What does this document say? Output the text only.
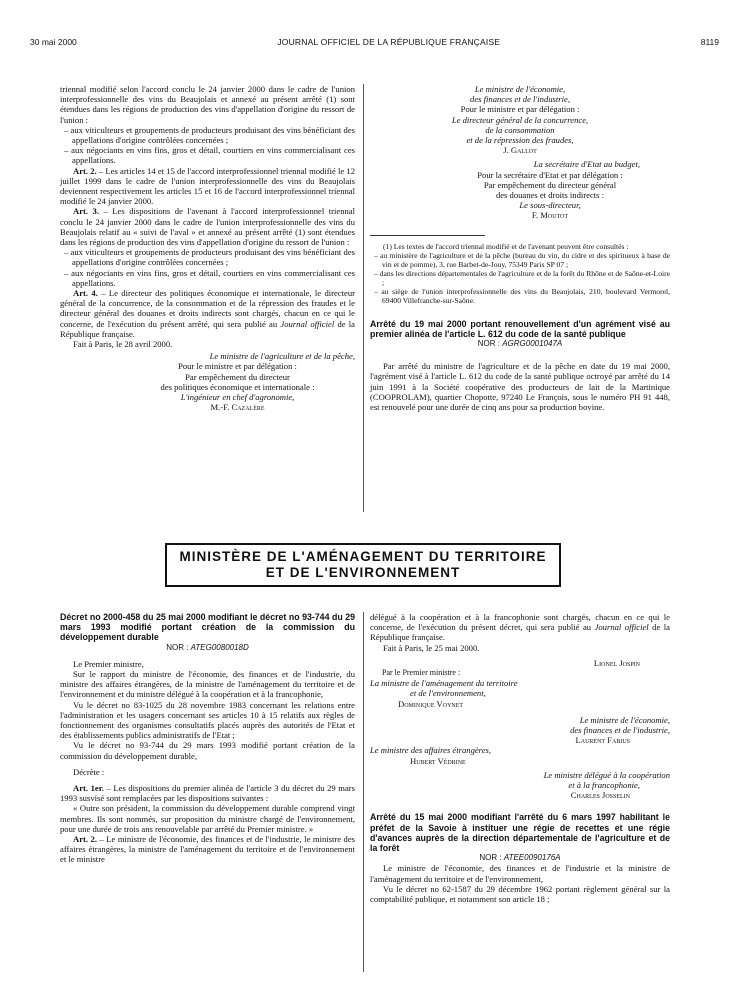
30 mai 2000	JOURNAL OFFICIEL DE LA RÉPUBLIQUE FRANÇAISE	8119

triennal modifié selon l'accord conclu le 24 janvier 2000 dans le cadre de l'union interprofessionnelle des vins du Beaujolais et annexé au présent arrêté (1) sont étendues dans les régions de production des vins d'appellation d'origine du ressort de l'union :

– aux viticulteurs et groupements de producteurs produisant des vins bénéficiant des appellations d'origine contrôlées concernées ;

– aux négociants en vins fins, gros et détail, courtiers en vins commercialisant ces appellations.

Art. 2. – Les articles 14 et 15 de l'accord interprofessionnel triennal modifié le 12 juillet 1999 dans le cadre de l'union interprofessionnelle des vins du Beaujolais deviennent respectivement les articles 15 et 16 de l'accord interprofessionnel triennal modifié le 24 janvier 2000.

Art. 3. – Les dispositions de l'avenant à l'accord interprofessionnel triennal conclu le 24 janvier 2000 dans le cadre de l'union interprofessionnelle des vins du Beaujolais relatif au « suivi de l'aval » et annexé au présent arrêté (1) sont étendues dans les régions de production des vins d'appellation d'origine du ressort de l'union :

– aux viticulteurs et groupements de producteurs produisant des vins bénéficiant des appellations d'origine contrôlées concernées ;

– aux négociants en vins fins, gros et détail, courtiers en vins commercialisant ces appellations.

Art. 4. – Le directeur des politiques économique et internationale, le directeur général de la concurrence, de la consommation et de la répression des fraudes et le directeur général des douanes et droits indirects sont chargés, chacun en ce qui le concerne, de l'exécution du présent arrêté, qui sera publié au Journal officiel de la République française.

Fait à Paris, le 28 avril 2000.

Le ministre de l'agriculture et de la pêche,

Pour le ministre et par délégation :

Par empêchement du directeur

des politiques économique et internationale :

L'ingénieur en chef d'agronomie,

M.-F. Cazalère

Le ministre de l'économie,

des finances et de l'industrie,

Pour le ministre et par délégation :

Le directeur général de la concurrence,

de la consommation

et de la répression des fraudes,

J. Gallot

La secrétaire d'Etat au budget,

Pour la secrétaire d'Etat et par délégation :

Par empêchement du directeur général

des douanes et droits indirects :

Le sous-directeur,

F. Moutot

(1) Les textes de l'accord triennal modifié et de l'avenant peuvent être consultés :

– au ministère de l'agriculture et de la pêche (bureau du vin, du cidre et des spiritueux à base de vin et de pomme), 3, rue Barbet-de-Jouy, 75349 Paris SP 07 ;

– dans les directions départementales de l'agriculture et de la forêt du Rhône et de Saône-et-Loire ;

– au siège de l'union interprofessionnelle des vins du Beaujolais, 210, boulevard Vermorel, 69400 Villefranche-sur-Saône.

Arrêté du 19 mai 2000 portant renouvellement d'un agrément visé au premier alinéa de l'article L. 612 du code de la santé publique

NOR : AGRG0001047A

Par arrêté du ministre de l'agriculture et de la pêche en date du 19 mai 2000, l'agrément visé à l'article L. 612 du code de la santé publique octroyé par arrêté du 14 juin 1991 à la Société coopérative des producteurs de lait de la Martinique (COOPROLAM), quartier Chopotte, 97240 Le François, sous le numéro PH 91 448, est renouvelé pour une durée de cinq ans pour sa production bovine.

MINISTÈRE DE L'AMÉNAGEMENT DU TERRITOIRE
ET DE L'ENVIRONNEMENT

Décret no 2000-458 du 25 mai 2000 modifiant le décret no 93-744 du 29 mars 1993 modifié portant création de la commission du développement durable

NOR : ATEG0080018D

Le Premier ministre,

Sur le rapport du ministre de l'économie, des finances et de l'industrie, du ministre des affaires étrangères, de la ministre de l'aménagement du territoire et de l'environnement et du ministre délégué à la coopération et à la francophonie,

Vu le décret no 83-1025 du 28 novembre 1983 concernant les relations entre l'administration et les usagers concernant ses articles 10 à 15 relatifs aux règles de fonctionnement des organismes consultatifs placés auprès des autorités de l'Etat et des établissements publics administratifs de l'Etat ;

Vu le décret no 93-744 du 29 mars 1993 modifié portant création de la commission du développement durable,

Décrète :

Art. 1er. – Les dispositions du premier alinéa de l'article 3 du décret du 29 mars 1993 susvisé sont remplacées par les dispositions suivantes :

« Outre son président, la commission du développement durable comprend vingt membres. Ils sont nommés, sur proposition du ministre chargé de l'environnement, pour une durée de trois ans renouvelable par arrêté du Premier ministre. »

Art. 2. – Le ministre de l'économie, des finances et de l'industrie, le ministre des affaires étrangères, la ministre de l'aménagement du territoire et de l'environnement et le ministre

délégué à la coopération et à la francophonie sont chargés, chacun en ce qui le concerne, de l'exécution du présent décret, qui sera publié au Journal officiel de la République française.

Fait à Paris, le 25 mai 2000.

Lionel Jospin

Par le Premier ministre :

La ministre de l'aménagement du territoire

et de l'environnement,

Dominique Voynet

Le ministre de l'économie,

des finances et de l'industrie,

Laurent Fabius

Le ministre des affaires étrangères,

Hubert Védrine

Le ministre délégué à la coopération

et à la francophonie,

Charles Josselin

Arrêté du 15 mai 2000 modifiant l'arrêté du 6 mars 1997 habilitant le préfet de la Savoie à instituer une régie de recettes et une régie d'avances auprès de la direction départementale de l'agriculture et de la forêt

NOR : ATEE0090176A

Le ministre de l'économie, des finances et de l'industrie et la ministre de l'aménagement du territoire et de l'environnement,

Vu le décret no 62-1587 du 29 décembre 1962 portant règlement général sur la comptabilité publique, et notamment son article 18 ;
